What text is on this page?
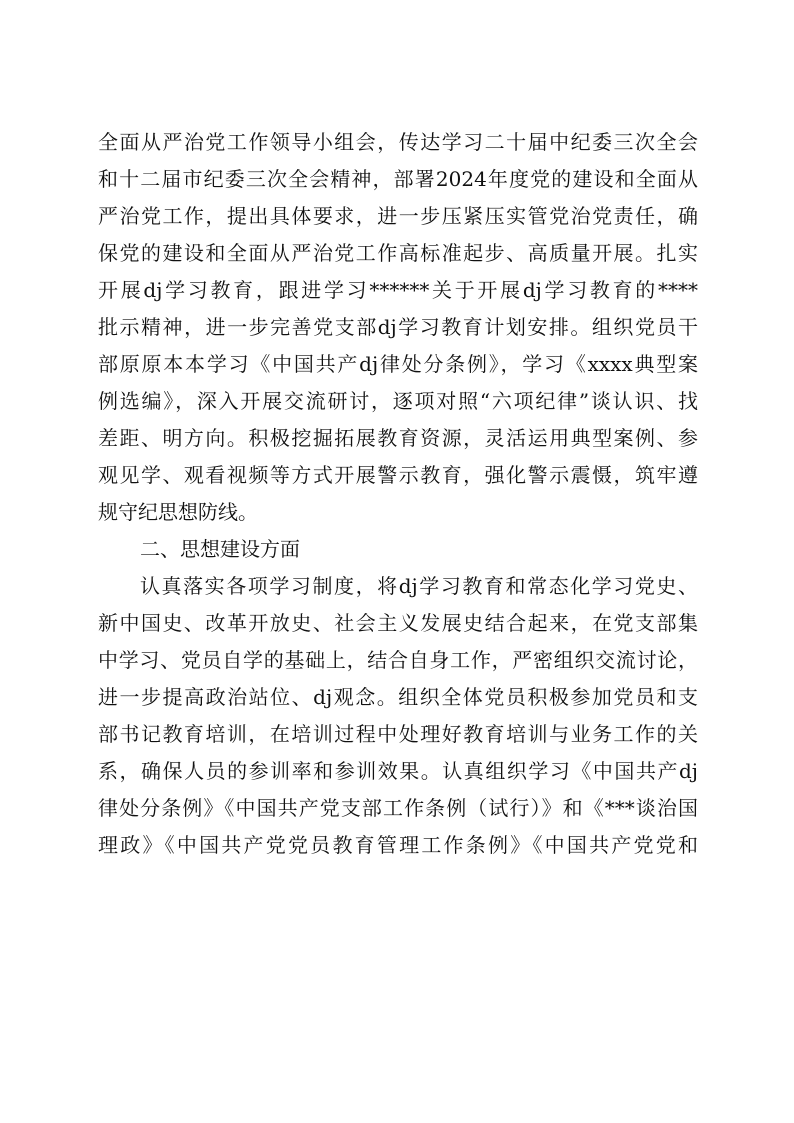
全面从严治党工作领导小组会，传达学习二十届中纪委三次全会
和十二届市纪委三次全会精神，部署2024年度党的建设和全面从
严治党工作，提出具体要求，进一步压紧压实管党治党责任，确
保党的建设和全面从严治党工作高标准起步、高质量开展。扎实
开展dj学习教育，跟进学习******关于开展dj学习教育的****
批示精神，进一步完善党支部dj学习教育计划安排。组织党员干
部原原本本学习《中国共产dj律处分条例》，学习《xxxx典型案
例选编》，深入开展交流研讨，逐项对照“六项纪律”谈认识、找
差距、明方向。积极挖掘拓展教育资源，灵活运用典型案例、参
观见学、观看视频等方式开展警示教育，强化警示震慑，筑牢遵
规守纪思想防线。
二、思想建设方面
认真落实各项学习制度，将dj学习教育和常态化学习党史、
新中国史、改革开放史、社会主义发展史结合起来，在党支部集
中学习、党员自学的基础上，结合自身工作，严密组织交流讨论，
进一步提高政治站位、dj观念。组织全体党员积极参加党员和支
部书记教育培训，在培训过程中处理好教育培训与业务工作的关
系，确保人员的参训率和参训效果。认真组织学习《中国共产dj
律处分条例》《中国共产党支部工作条例（试行）》和《***谈治国
理政》《中国共产党党员教育管理工作条例》《中国共产党党和
